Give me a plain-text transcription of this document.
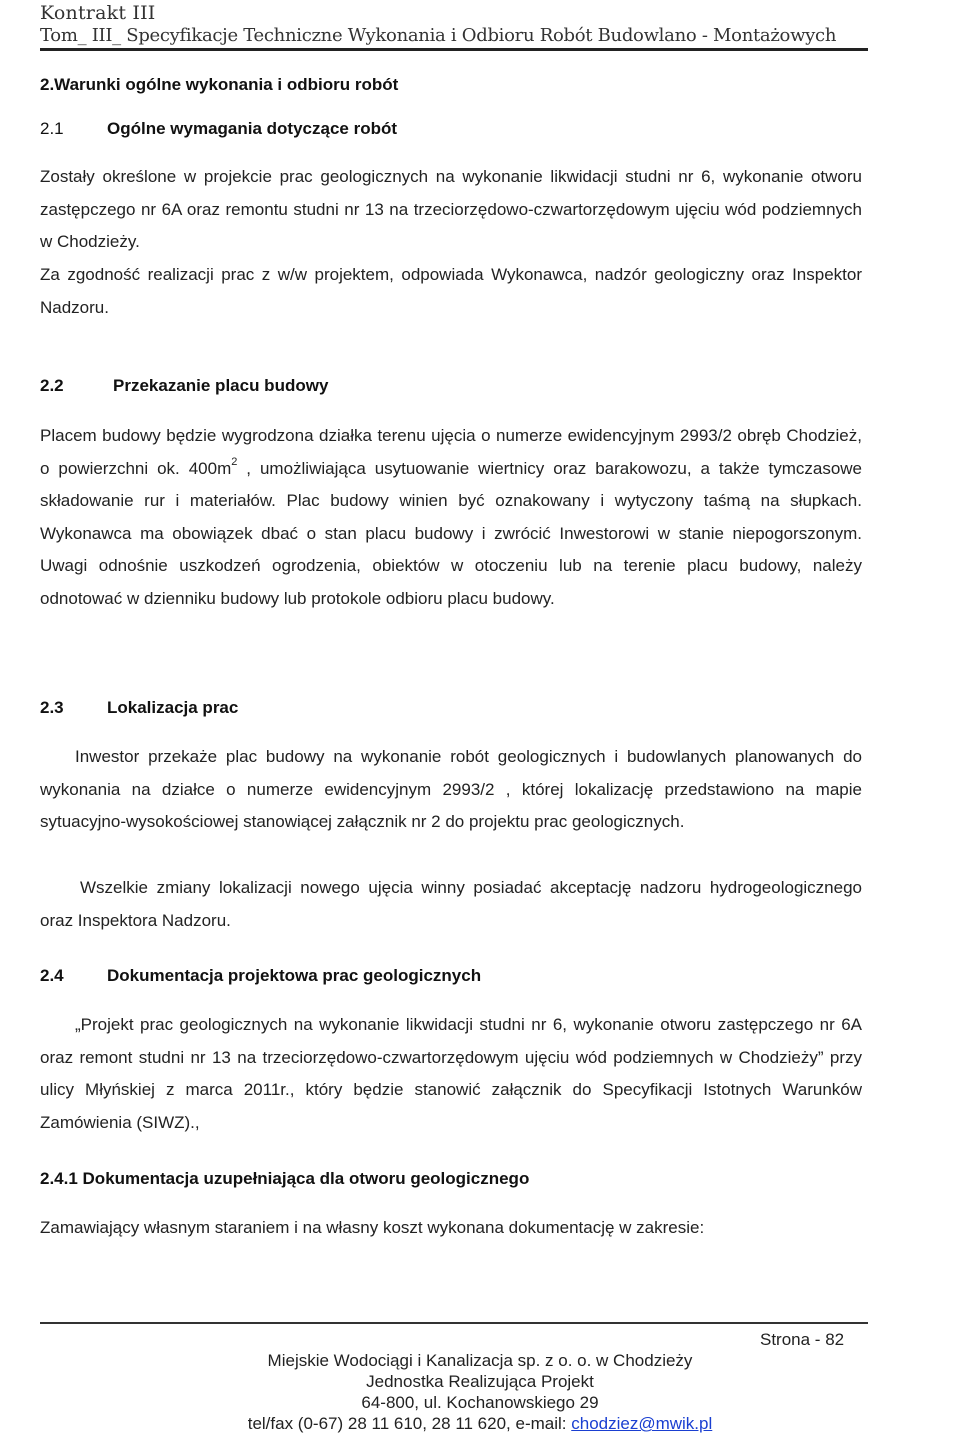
Kontrakt III
Tom_ III_ Specyfikacje Techniczne Wykonania i Odbioru Robót Budowlano - Montażowych
2.Warunki ogólne wykonania i odbioru robót
2.1	Ogólne wymagania dotyczące robót
Zostały określone w projekcie prac geologicznych na wykonanie likwidacji studni nr 6, wykonanie otworu zastępczego nr 6A oraz remontu studni nr 13 na trzeciorzędowo-czwartorzędowym ujęciu wód podziemnych w Chodzieży.
Za zgodność realizacji prac z w/w projektem, odpowiada Wykonawca, nadzór geologiczny oraz Inspektor Nadzoru.
2.2	Przekazanie placu budowy
Placem budowy będzie wygrodzona działka terenu ujęcia o numerze ewidencyjnym 2993/2 obręb Chodzież, o powierzchni ok. $400m^2$ , umożliwiająca usytuowanie wiertnicy oraz barakowozu, a także tymczasowe składowanie rur i materiałów. Plac budowy winien być oznakowany i wytyczony taśmą na słupkach. Wykonawca ma obowiązek dbać o stan placu budowy i zwrócić Inwestorowi w stanie niepogorszonym. Uwagi odnośnie uszkodzeń ogrodzenia, obiektów w otoczeniu lub na terenie placu budowy, należy odnotować w dzienniku budowy lub protokole odbioru placu budowy.
2.3	Lokalizacja prac
Inwestor przekaże plac budowy na wykonanie robót geologicznych i budowlanych planowanych do wykonania na działce o numerze ewidencyjnym 2993/2 , której lokalizację przedstawiono na mapie sytuacyjno-wysokościowej stanowiącej załącznik nr 2 do projektu prac geologicznych.
Wszelkie zmiany lokalizacji nowego ujęcia winny posiadać akceptację nadzoru hydrogeologicznego oraz Inspektora Nadzoru.
2.4	Dokumentacja projektowa prac geologicznych
„Projekt prac geologicznych na wykonanie likwidacji studni nr 6, wykonanie otworu zastępczego nr 6A oraz remont studni nr 13 na trzeciorzędowo-czwartorzędowym ujęciu wód podziemnych w Chodzieży” przy ulicy Młyńskiej z marca 2011r., który będzie stanowić załącznik do Specyfikacji Istotnych Warunków Zamówienia (SIWZ).,
2.4.1 Dokumentacja uzupełniająca dla otworu geologicznego
Zamawiający własnym staraniem i na własny koszt wykonana dokumentację w zakresie:
Strona - 82
Miejskie Wodociągi i Kanalizacja sp. z o. o. w Chodzieży
Jednostka Realizująca Projekt
64-800, ul. Kochanowskiego 29
tel/fax (0-67) 28 11 610, 28 11 620, e-mail: chodziez@mwik.pl
